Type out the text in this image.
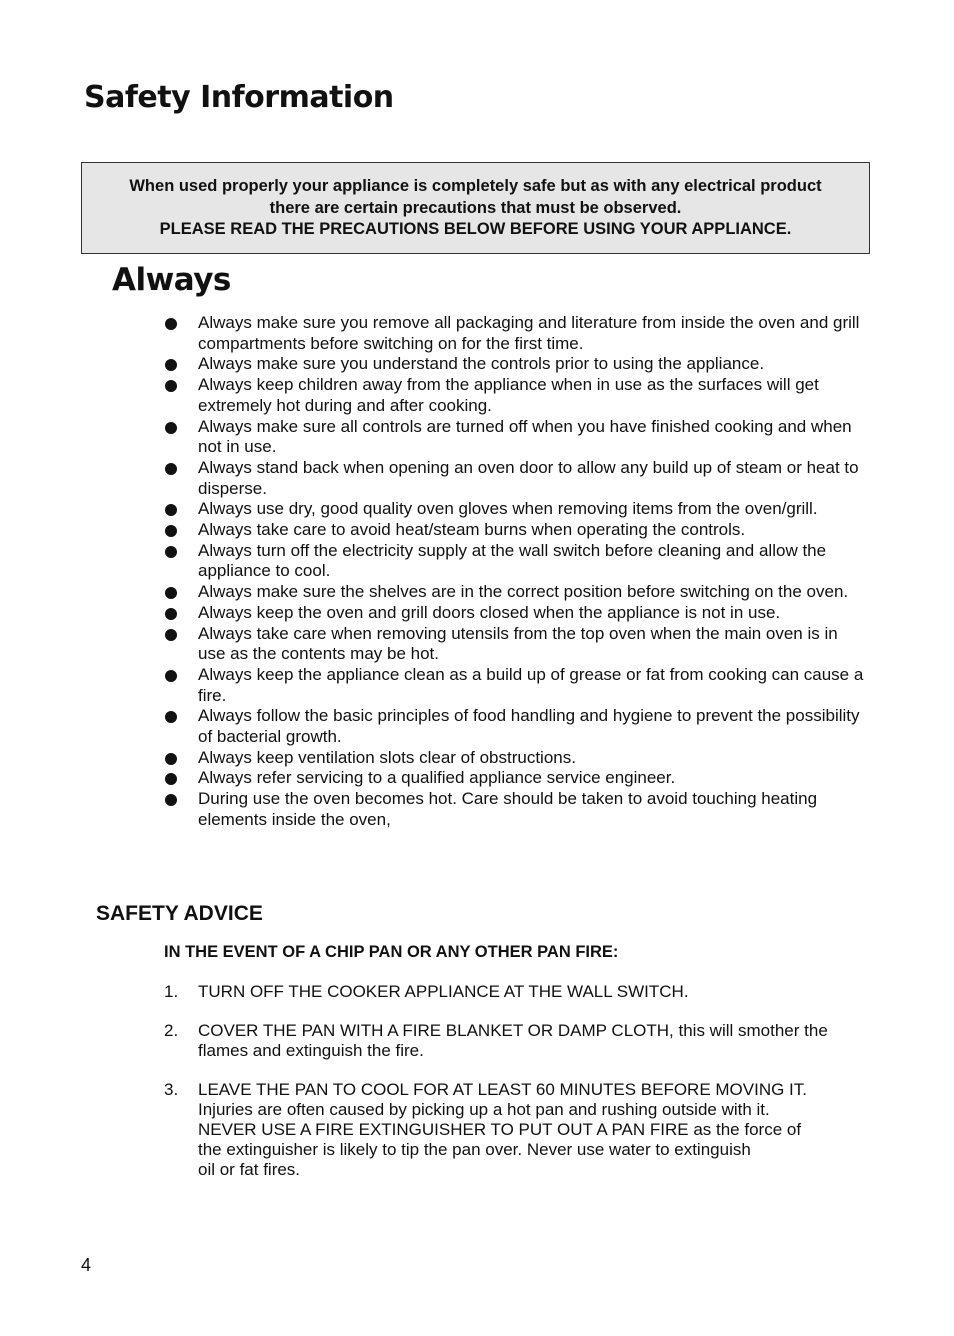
Safety Information
When used properly your appliance is completely safe but as with any electrical product
there are certain precautions that must be observed.
PLEASE READ THE PRECAUTIONS BELOW BEFORE USING YOUR APPLIANCE.
Always
Always make sure you remove all packaging and literature from inside the oven and grill compartments before switching on for the first time.
Always make sure you understand the controls prior to using the appliance.
Always keep children away from the appliance when in use as the surfaces will get extremely hot during and after cooking.
Always make sure all controls are turned off when you have finished cooking and when not in use.
Always stand back when opening an oven door to allow any build up of steam or heat to disperse.
Always use dry, good quality oven gloves when removing items from the oven/grill.
Always take care to avoid heat/steam burns when operating the controls.
Always turn off the electricity supply at the wall switch before cleaning and allow the appliance to cool.
Always make sure the shelves are in the correct position before switching on the oven.
Always keep the oven and grill doors closed when the appliance is not in use.
Always take care when removing utensils from the top oven when the main oven is in use as the contents may be hot.
Always keep the appliance clean as a build up of grease or fat from cooking can cause a fire.
Always follow the basic principles of food handling and hygiene to prevent the possibility of bacterial growth.
Always keep ventilation slots clear of obstructions.
Always refer servicing to a qualified appliance service engineer.
During use the oven becomes hot. Care should be taken to avoid touching heating elements inside the oven,
SAFETY ADVICE

IN THE EVENT OF A CHIP PAN OR ANY OTHER PAN FIRE:

1. TURN OFF THE COOKER APPLIANCE AT THE WALL SWITCH.
2. COVER THE PAN WITH A FIRE BLANKET OR DAMP CLOTH, this will smother the
flames and extinguish the fire.
3. LEAVE THE PAN TO COOL FOR AT LEAST 60 MINUTES BEFORE MOVING IT.
Injuries are often caused by picking up a hot pan and rushing outside with it.
NEVER USE A FIRE EXTINGUISHER TO PUT OUT A PAN FIRE as the force of
the extinguisher is likely to tip the pan over. Never use water to extinguish
oil or fat fires.
4
